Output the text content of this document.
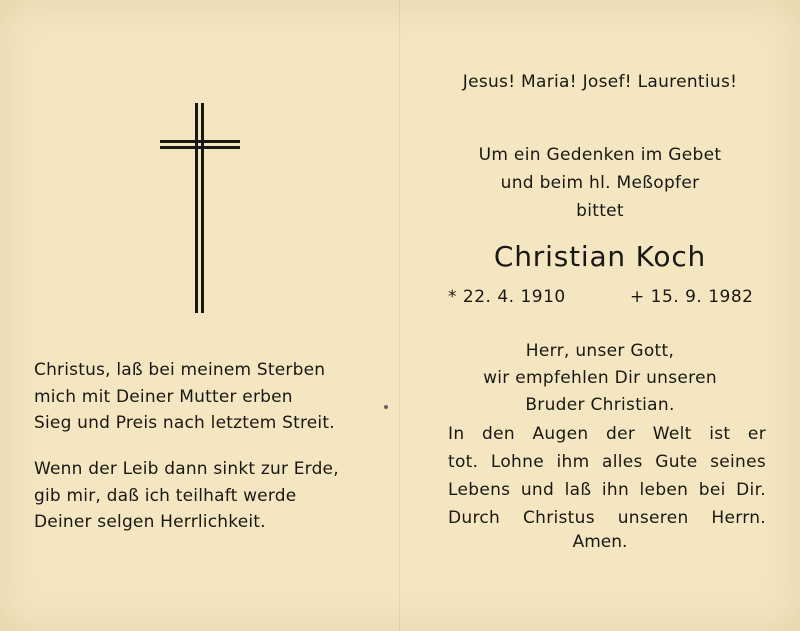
Christus, laß bei meinem Sterben
mich mit Deiner Mutter erben
Sieg und Preis nach letztem Streit.
Wenn der Leib dann sinkt zur Erde,
gib mir, daß ich teilhaft werde
Deiner selgen Herrlichkeit.
Jesus! Maria! Josef! Laurentius!
Um ein Gedenken im Gebet
und beim hl. Meßopfer
bittet
Christian Koch
* 22. 4. 1910	+ 15. 9. 1982
Herr, unser Gott,
wir empfehlen Dir unseren
Bruder Christian.
In den Augen der Welt ist er
tot. Lohne ihm alles Gute seines
Lebens und laß ihn leben bei Dir.
Durch Christus unseren Herrn.
Amen.
